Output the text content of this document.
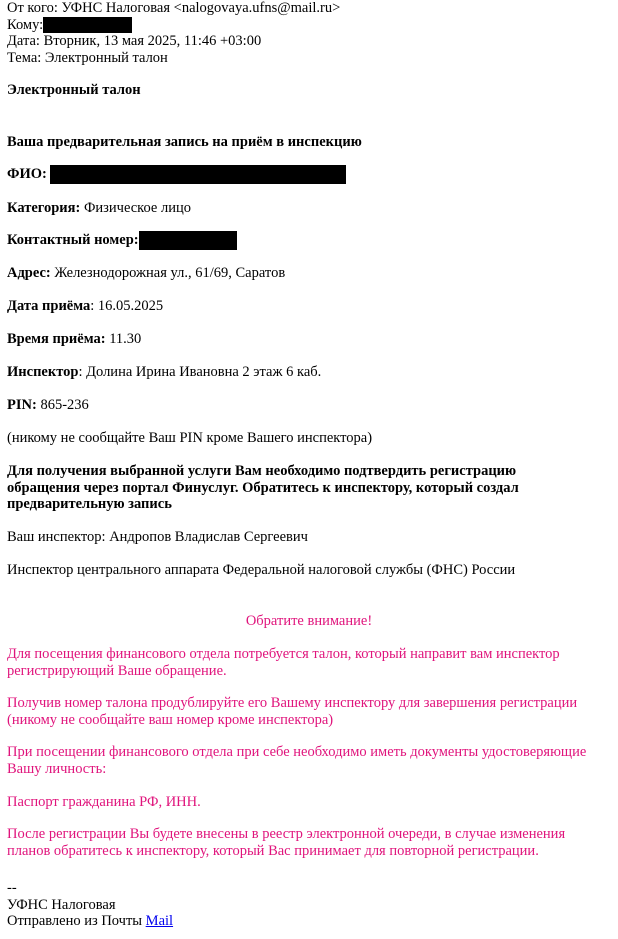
От кого: УФНС Налоговая <nalogovaya.ufns@mail.ru>
Кому:
Дата: Вторник, 13 мая 2025, 11:46 +03:00
Тема: Электронный талон
Электронный талон
Ваша предварительная запись на приём в инспекцию
ФИО:
Категория: Физическое лицо
Контактный номер:
Адрес: Железнодорожная ул., 61/69, Саратов
Дата приёма: 16.05.2025
Время приёма: 11.30
Инспектор: Долина Ирина Ивановна 2 этаж 6 каб.
PIN: 865-236
(никому не сообщайте Ваш PIN кроме Вашего инспектора)
Для получения выбранной услуги Вам необходимо подтвердить регистрацию обращения через портал Финуслуг. Обратитесь к инспектору, который создал предварительную запись
Ваш инспектор: Андропов Владислав Сергеевич
Инспектор центрального аппарата Федеральной налоговой службы (ФНС) России
Обратите внимание!
Для посещения финансового отдела потребуется талон, который направит вам инспектор регистрирующий Ваше обращение.
Получив номер талона продублируйте его Вашему инспектору для завершения регистрации (никому не сообщайте ваш номер кроме инспектора)
При посещении финансового отдела при себе необходимо иметь документы удостоверяющие Вашу личность:
Паспорт гражданина РФ, ИНН.
После регистрации Вы будете внесены в реестр электронной очереди, в случае изменения планов обратитесь к инспектору, который Вас принимает для повторной регистрации.
--
УФНС Налоговая
Отправлено из Почты Mail
